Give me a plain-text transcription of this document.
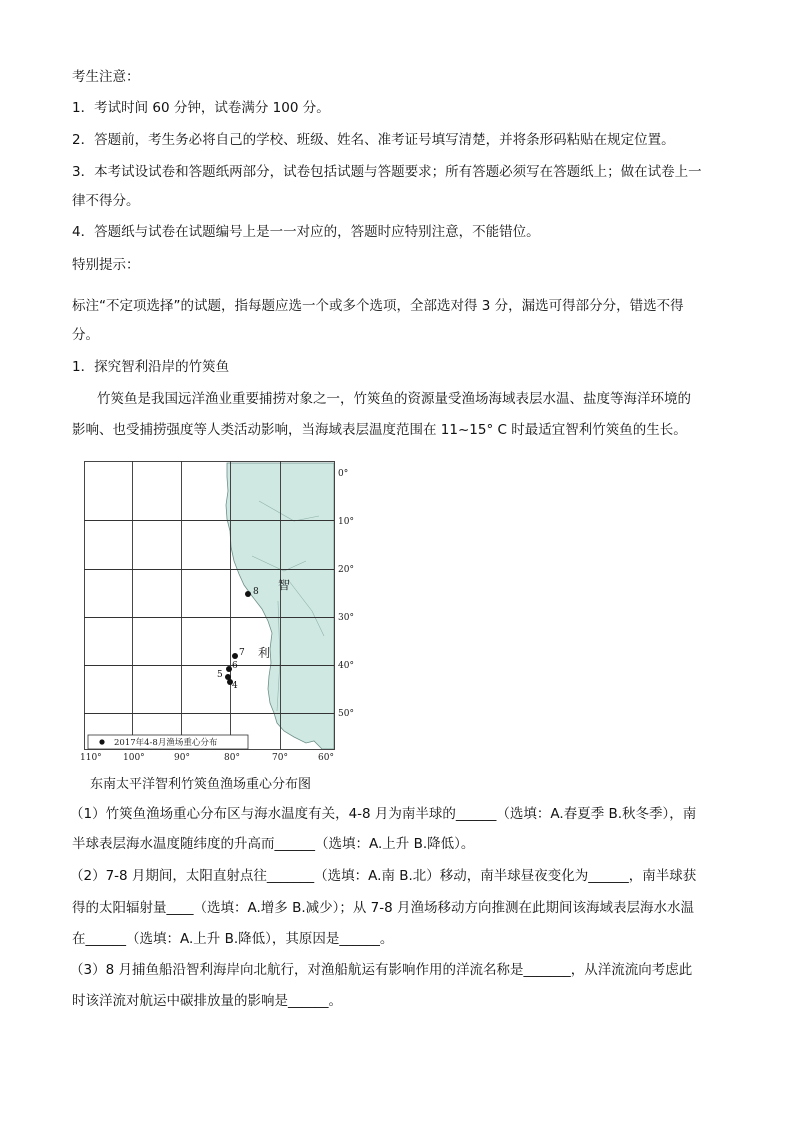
考生注意：
1．考试时间 60 分钟，试卷满分 100 分。
2．答题前，考生务必将自己的学校、班级、姓名、准考证号填写清楚，并将条形码粘贴在规定位置。
3．本考试设试卷和答题纸两部分，试卷包括试题与答题要求；所有答题必须写在答题纸上；做在试卷上一
律不得分。
4．答题纸与试卷在试题编号上是一一对应的，答题时应特别注意，不能错位。
特别提示：
标注“不定项选择”的试题，指每题应选一个或多个选项，全部选对得 3 分，漏选可得部分分，错选不得
分。
1．探究智利沿岸的竹筴鱼
竹筴鱼是我国远洋渔业重要捕捞对象之一，竹筴鱼的资源量受渔场海域表层水温、盐度等海洋环境的
影响、也受捕捞强度等人类活动影响，当海域表层温度范围在 11~15° C 时最适宜智利竹筴鱼的生长。
0°
10°
20°
30°
40°
50°
110° 100°	90°	80°	70°	60°
智
利
8
7
6
5
4
2017年4-8月渔场重心分布
东南太平洋智利竹筴鱼渔场重心分布图
（1）竹筴鱼渔场重心分布区与海水温度有关，4-8 月为南半球的______（选填：A.春夏季 B.秋冬季），南
半球表层海水温度随纬度的升高而______（选填：A.上升 B.降低）。
（2）7-8 月期间，太阳直射点往_______（选填：A.南 B.北）移动，南半球昼夜变化为______，南半球获
得的太阳辐射量____（选填：A.增多 B.减少）；从 7-8 月渔场移动方向推测在此期间该海域表层海水水温
在______（选填：A.上升 B.降低），其原因是______。
（3）8 月捕鱼船沿智利海岸向北航行，对渔船航运有影响作用的洋流名称是_______，从洋流流向考虑此
时该洋流对航运中碳排放量的影响是______。
